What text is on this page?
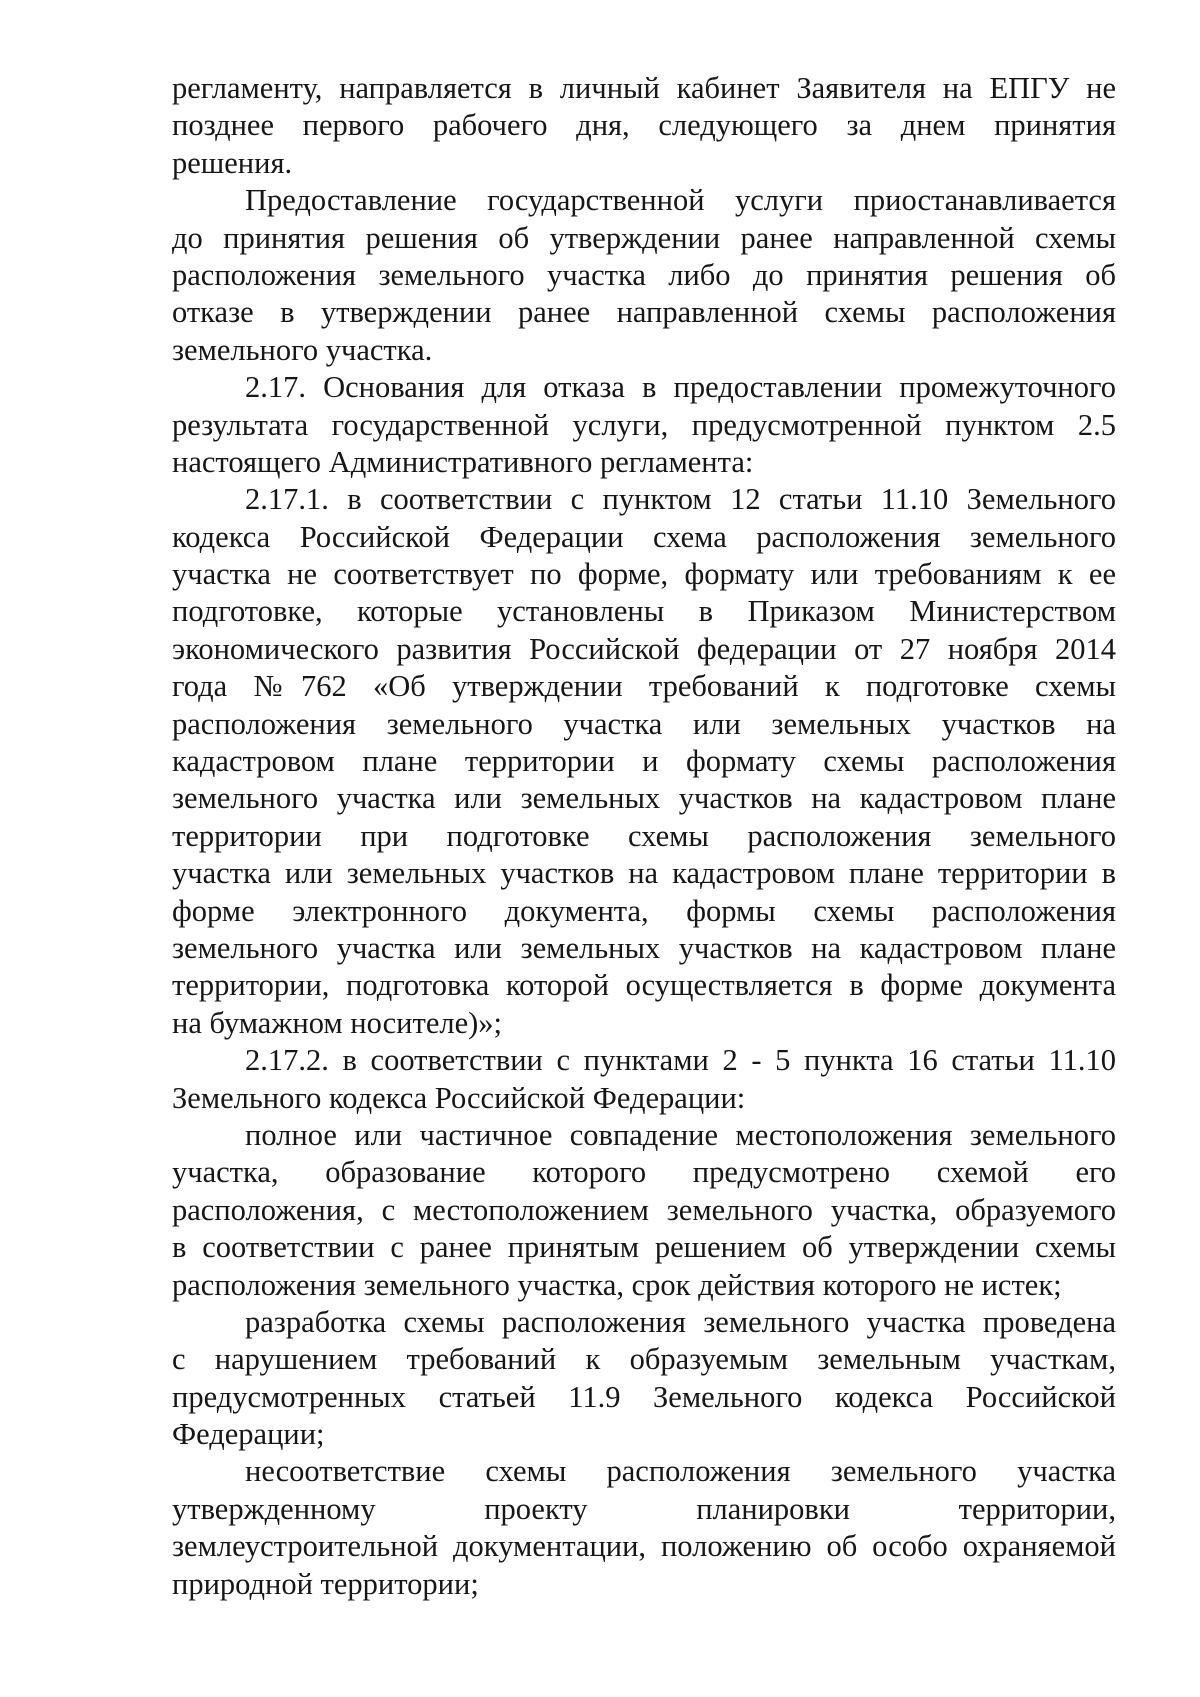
регламенту, направляется в личный кабинет Заявителя на ЕПГУ не
позднее первого рабочего дня, следующего за днем принятия
решения.
Предоставление государственной услуги приостанавливается
до принятия решения об утверждении ранее направленной схемы
расположения земельного участка либо до принятия решения об
отказе в утверждении ранее направленной схемы расположения
земельного участка.
2.17. Основания для отказа в предоставлении промежуточного
результата государственной услуги, предусмотренной пунктом 2.5
настоящего Административного регламента:
2.17.1. в соответствии с пунктом 12 статьи 11.10 Земельного
кодекса Российской Федерации схема расположения земельного
участка не соответствует по форме, формату или требованиям к ее
подготовке, которые установлены в Приказом Министерством
экономического развития Российской федерации от 27 ноября 2014
года №762 «Об утверждении требований к подготовке схемы
расположения земельного участка или земельных участков на
кадастровом плане территории и формату схемы расположения
земельного участка или земельных участков на кадастровом плане
территории при подготовке схемы расположения земельного
участка или земельных участков на кадастровом плане территории в
форме электронного документа, формы схемы расположения
земельного участка или земельных участков на кадастровом плане
территории, подготовка которой осуществляется в форме документа
на бумажном носителе)»;
2.17.2. в соответствии с пунктами 2 - 5 пункта 16 статьи 11.10
Земельного кодекса Российской Федерации:
полное или частичное совпадение местоположения земельного
участка, образование которого предусмотрено схемой его
расположения, с местоположением земельного участка, образуемого
в соответствии с ранее принятым решением об утверждении схемы
расположения земельного участка, срок действия которого не истек;
разработка схемы расположения земельного участка проведена
с нарушением требований к образуемым земельным участкам,
предусмотренных статьей 11.9 Земельного кодекса Российской
Федерации;
несоответствие схемы расположения земельного участка
утвержденному проекту планировки территории,
землеустроительной документации, положению об особо охраняемой
природной территории;
